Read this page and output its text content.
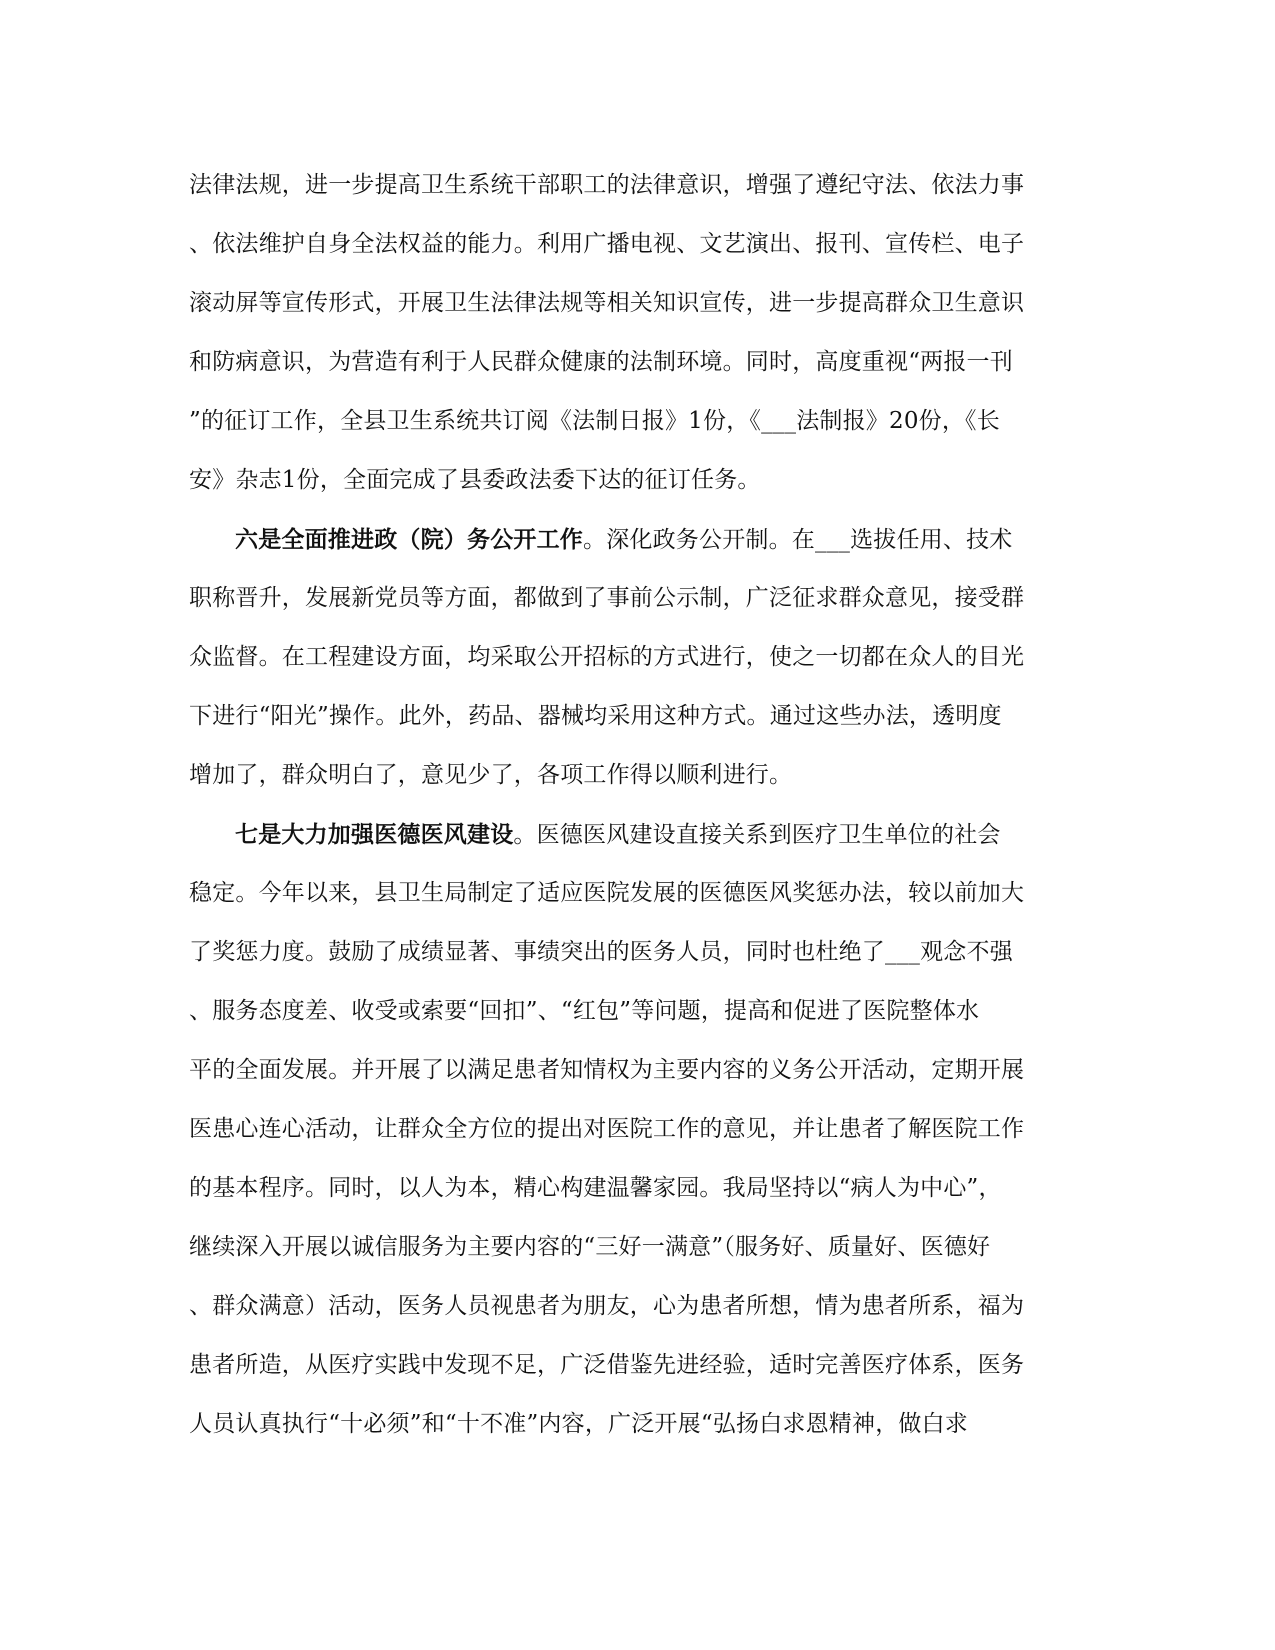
法律法规，进一步提高卫生系统干部职工的法律意识，增强了遵纪守法、依法力事
、依法维护自身全法权益的能力。利用广播电视、文艺演出、报刊、宣传栏、电子
滚动屏等宣传形式，开展卫生法律法规等相关知识宣传，进一步提高群众卫生意识
和防病意识，为营造有利于人民群众健康的法制环境。同时，高度重视“两报一刊
”的征订工作，全县卫生系统共订阅《法制日报》1份，《___法制报》20份，《长
安》杂志1份，全面完成了县委政法委下达的征订任务。
六是全面推进政（院）务公开工作。深化政务公开制。在___选拔任用、技术
职称晋升，发展新党员等方面，都做到了事前公示制，广泛征求群众意见，接受群
众监督。在工程建设方面，均采取公开招标的方式进行，使之一切都在众人的目光
下进行“阳光”操作。此外，药品、器械均采用这种方式。通过这些办法，透明度
增加了，群众明白了，意见少了，各项工作得以顺利进行。
七是大力加强医德医风建设。医德医风建设直接关系到医疗卫生单位的社会
稳定。今年以来，县卫生局制定了适应医院发展的医德医风奖惩办法，较以前加大
了奖惩力度。鼓励了成绩显著、事绩突出的医务人员，同时也杜绝了___观念不强
、服务态度差、收受或索要“回扣”、“红包”等问题，提高和促进了医院整体水
平的全面发展。并开展了以满足患者知情权为主要内容的义务公开活动，定期开展
医患心连心活动，让群众全方位的提出对医院工作的意见，并让患者了解医院工作
的基本程序。同时，以人为本，精心构建温馨家园。我局坚持以“病人为中心”，
继续深入开展以诚信服务为主要内容的“三好一满意”（服务好、质量好、医德好
、群众满意）活动，医务人员视患者为朋友，心为患者所想，情为患者所系，福为
患者所造，从医疗实践中发现不足，广泛借鉴先进经验，适时完善医疗体系，医务
人员认真执行“十必须”和“十不准”内容，广泛开展“弘扬白求恩精神，做白求
